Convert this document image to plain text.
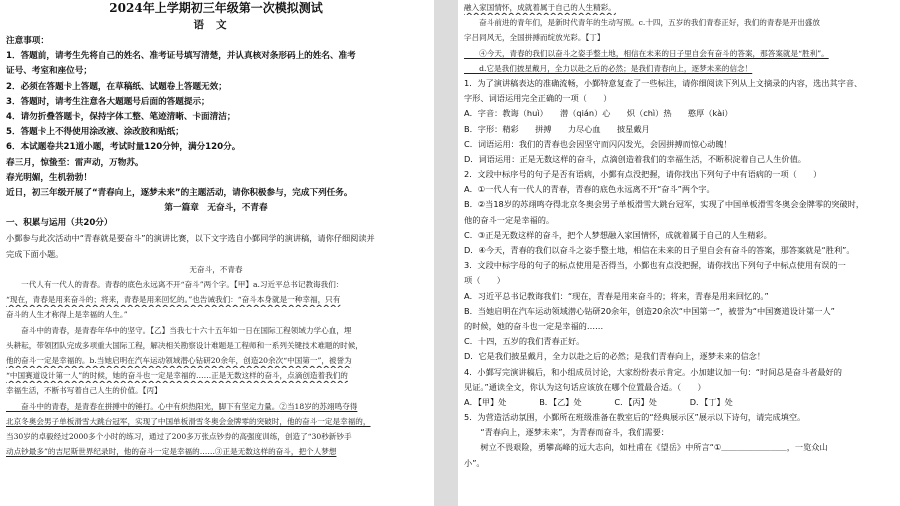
2024年上学期初三年级第一次模拟测试
语文
注意事项：
1．答题前，请考生先将自己的姓名、准考证号填写清楚，并认真核对条形码上的姓名、准考
证号、考室和座位号；
2．必须在答题卡上答题，在草稿纸、试题卷上答题无效；
3．答题时，请考生注意各大题题号后面的答题提示；
4．请勿折叠答题卡，保持字体工整、笔迹清晰、卡面清洁；
5．答题卡上不得使用涂改液、涂改胶和贴纸；
6．本试题卷共21道小题，考试时量120分钟，满分120分。
春三月，惊蛰至：雷声动，万物苏。
春光明媚，生机勃勃！
近日，初三年级开展了“青春向上，逐梦未来”的主题活动，请你积极参与，完成下列任务。
第一篇章　无奋斗，不青春
一、积累与运用（共20分）
小鄞参与此次活动中“青春就是要奋斗”的演讲比赛，以下文字选自小鄞同学的演讲稿，请你仔细阅读并
完成下面小题。
无奋斗，不青春
　　一代人有一代人的青春。青春的底色永远离不开“奋斗”两个字。【甲】a.习近平总书记教诲我们：
“现在，青春是用来奋斗的；将来，青春是用来回忆的。”也告诫我们：“奋斗本身就是一种幸福，只有
奋斗的人生才称得上是幸福的人生。”
　　奋斗中的青春，是青春年华中的坚守。【乙】当我七十六十五年如一日在国际工程领域力学心血，埋
头耕耘，带领团队完成多项重大国际工程，解决相关勘察设计难题是工程师和一系列关键技术难题的时候，
他的奋斗一定是幸福的。b.当她启明在汽车运动领域潜心钻研20余年，创造20余次“中国第一”，被誉为
“中国赛道设计第一人”的时候，她的奋斗也一定是幸福的……正是无数这样的奋斗，点滴创造着我们的
幸福生活，不断书写着自己人生的价值。【丙】
　　奋斗中的青春，是青春在拼搏中的锤打。心中有炽热阳光，脚下有坚定力量。②当18岁的苏翊鸣夺得
北京冬奥会男子单板滑雪大跳台冠军，实现了中国单板滑雪冬奥会金牌零的突破时，他的奋斗一定是幸福的，
当30岁的卓毅经过2000多个小时的练习，通过了200多万张点钞券的高强度训练，创造了“30秒新钞手
动点钞最多”的吉尼斯世界纪录时，他的奋斗一定是幸福的……③正是无数这样的奋斗，把个人梦想
融入家国情怀，成就着属于自己的人生精彩。
　　奋斗前进的青年们，是新时代青年的生动写照。c.十四，五岁的我们青春正好，我们的青春是开出盛放
字吕同风无，全国拼搏而绽放光彩。【丁】
　　④今天，青春的我们以奋斗之姿手整土地，相信在未来的日子里自会有奋斗的答案，那答案就是“胜利”。
　　d.它是我们披星戴月，全力以赴之后的必然；是我们青春向上，逐梦未来的信念！
1．为了演讲稿表达的准确流畅，小鄞特意复查了一些标注，请你细阅读下列从上文摘录的内容，选出其字音、
字形、词语运用完全正确的一项（　　）
A．字音：教诲（huì）　　潜（qián）心　　炽（chì）热　　憨厚（kài）
B．字形：精彩　　拼搏　　力尽心血　　披星戴月
C．词语运用：我们的青春也会因坚守而闪闪发光，会因拼搏而惊心动魄！
D．词语运用：正是无数这样的奋斗，点滴创造着我们的幸福生活，不断积淀着自己人生价值。
2．文段中标序号的句子是否有语病，小鄞有点没把握，请你找出下列句子中有语病的一项（　　）
A．①一代人有一代人的青春，青春的底色永远离不开“奋斗”两个字。
B．②当18岁的苏翊鸣夺得北京冬奥会男子单板滑雪大跳台冠军，实现了中国单板滑雪冬奥会金牌零的突破时，
他的奋斗一定是幸福的。
C．③正是无数这样的奋斗，把个人梦想融入家国情怀，成就着属于自己的人生精彩。
D．④今天，青春的我们以奋斗之姿手整土地，相信在未来的日子里自会有奋斗的答案，那答案就是“胜利”。
3．文段中标字母的句子的标点使用是否得当，小鄞也有点没把握，请你找出下列句子中标点使用有误的一
项（　　）
A．习近平总书记教诲我们：“现在，青春是用来奋斗的；将来，青春是用来回忆的。”
B．当她启明在汽车运动领域潜心钻研20余年，创造20余次“中国第一”，被誉为“中国赛道设计第一人”
的时候，她的奋斗也一定是幸福的……
C．十四，五岁的我们青春正好。
D．它是我们披星戴月，全力以赴之后的必然；是我们青春向上，逐梦未来的信念！
4．小鄞写完演讲稿后，和小组成员讨论，大家纷纷表示肯定。小加建议加一句：“时间总是奋斗者最好的
见证。”通读全文，你认为这句话应该放在哪个位置最合适。（　　）
A．【甲】处　　　　B．【乙】处　　　　C．【丙】处　　　　D．【丁】处
5．为营造活动氛围，小鄞所在班级准备在教室后的“经典展示区”展示以下诗句，请完成填空。
　　“青春向上，逐梦未来”，为青春而奋斗，我们需要：
　　树立不畏艰险，勇攀高峰的远大志向，如杜甫在《望岳》中所言“①＿＿＿＿＿＿＿＿，一览众山
小”。
